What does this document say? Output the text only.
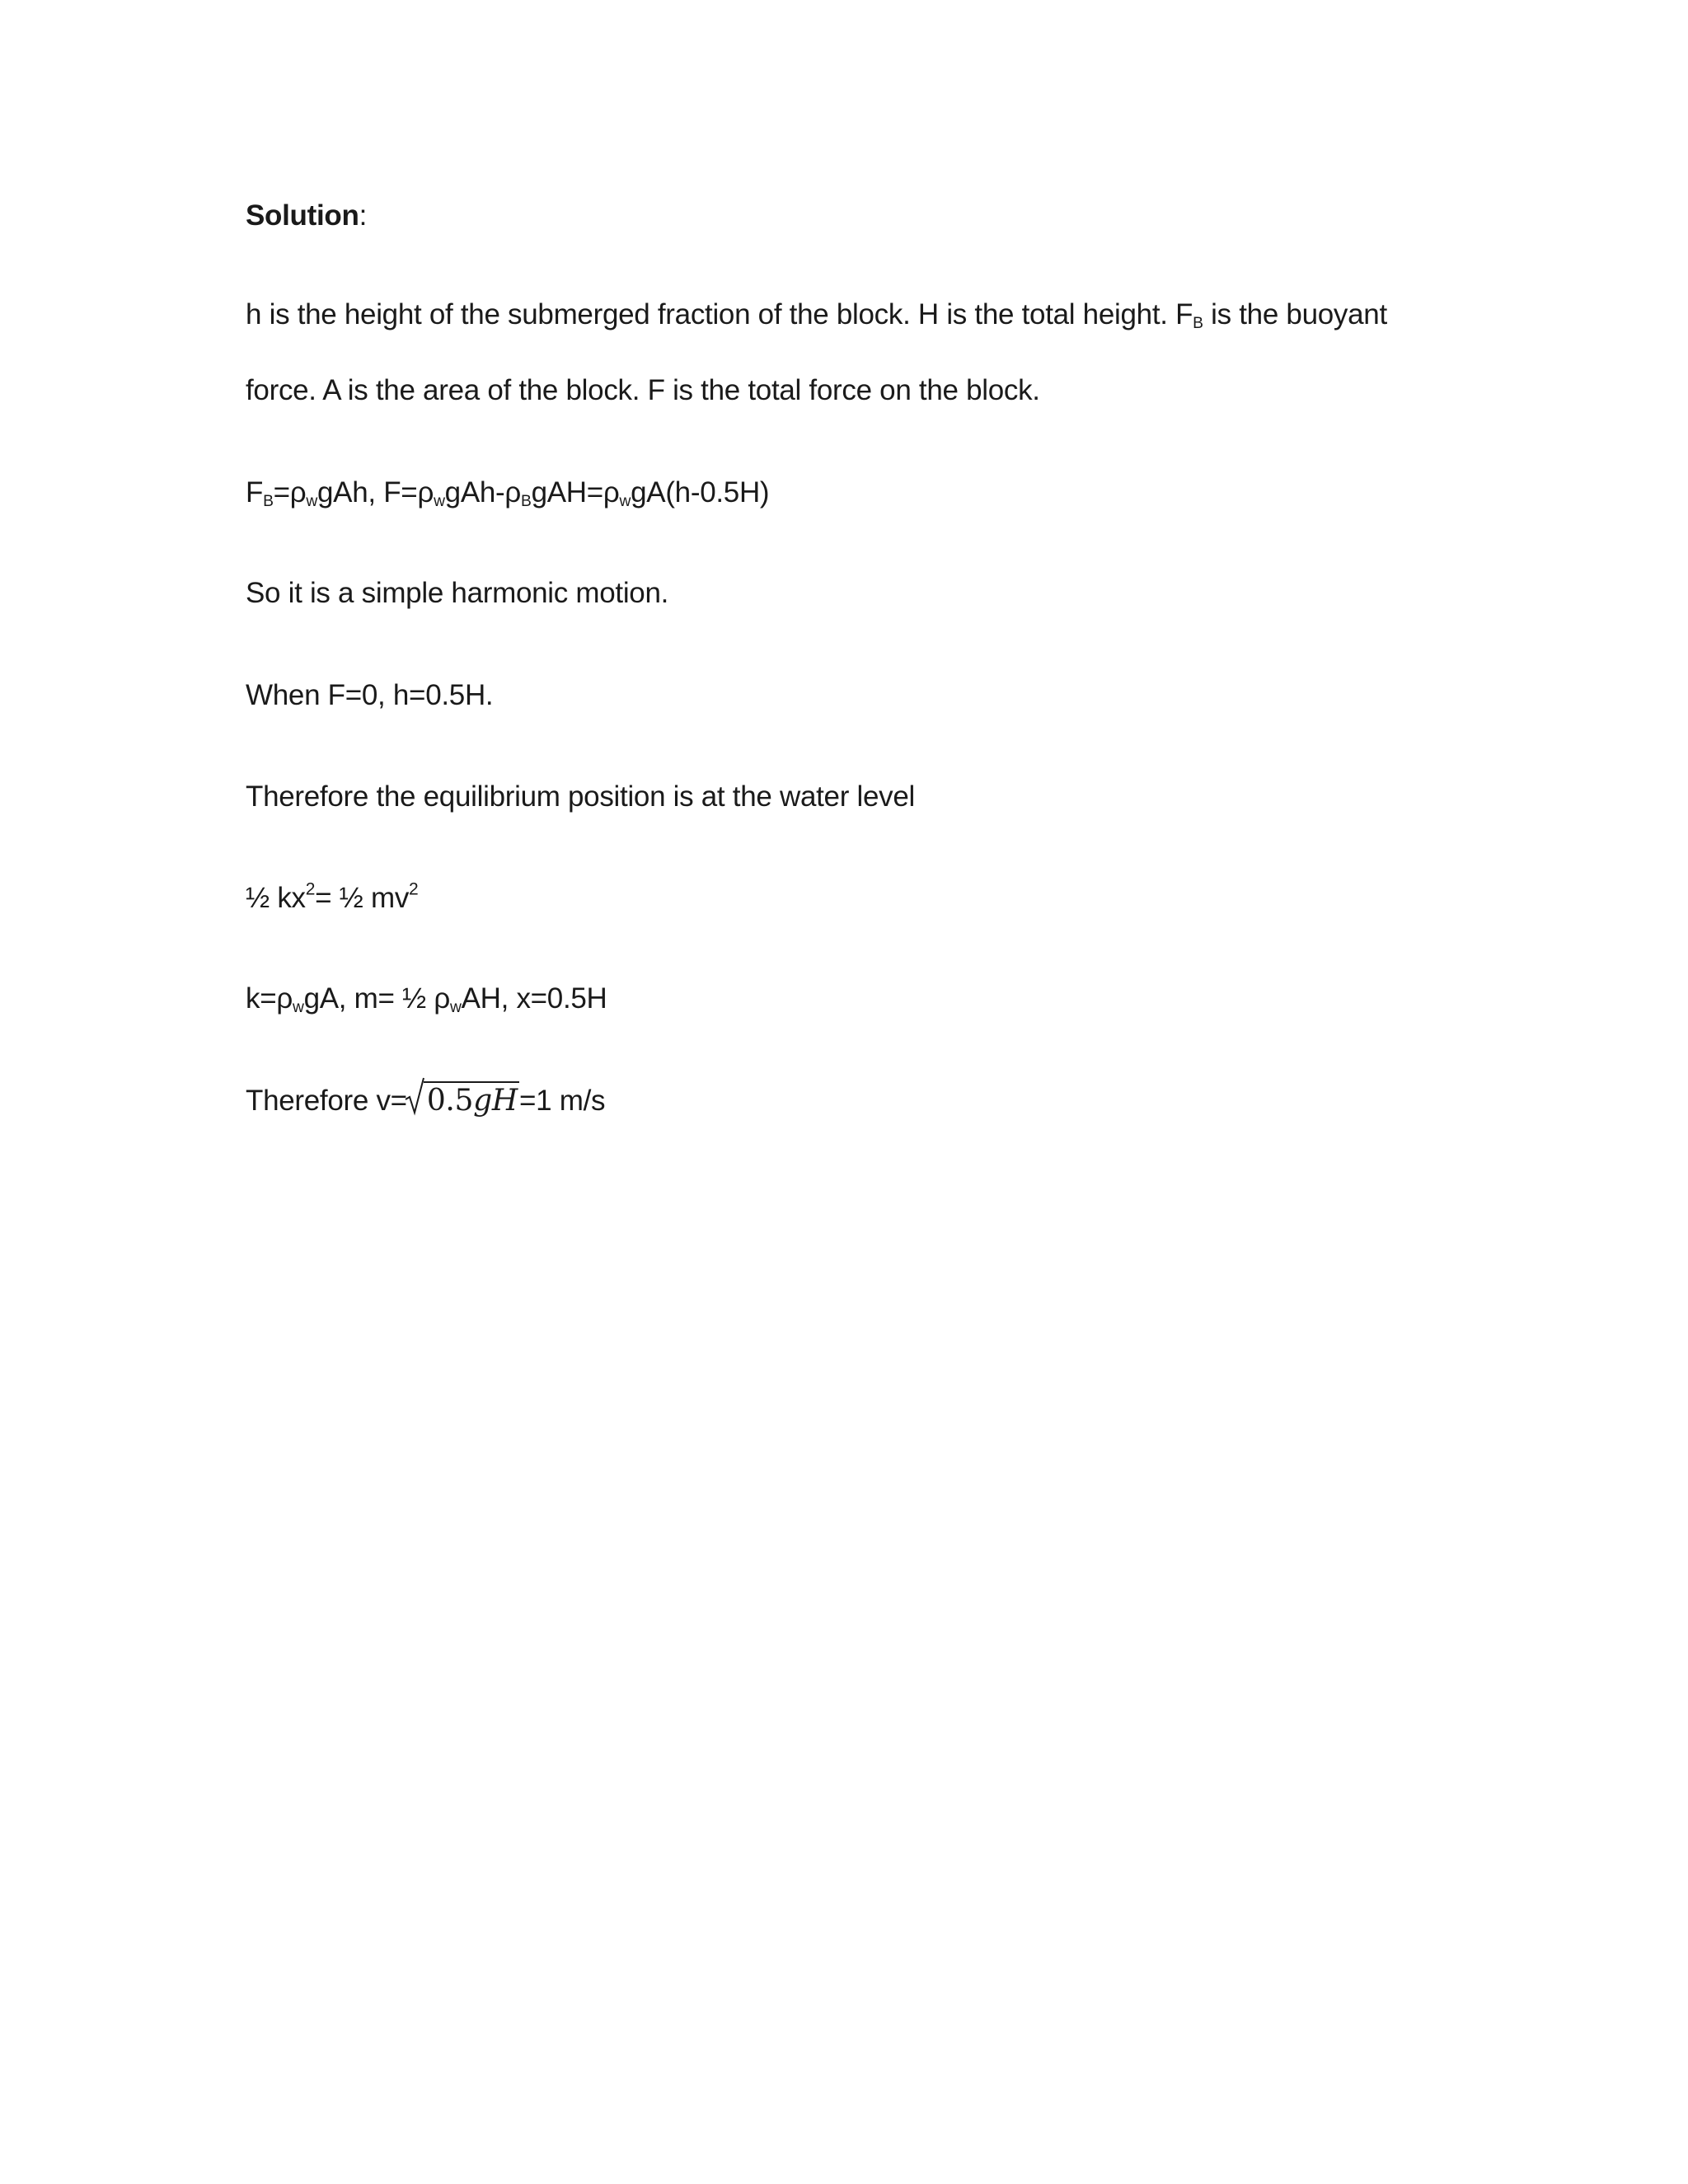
Solution:
h is the height of the submerged fraction of the block. H is the total height. $F_B$ is the buoyant
force. A is the area of the block. F is the total force on the block.
$F_B=\rho_wgAh$, $F=\rho_wgAh-\rho_BgAH=\rho_wgA(h-0.5H)$
So it is a simple harmonic motion.
When F=0, h=0.5H.
Therefore the equilibrium position is at the water level
½ $kx^2=$ ½ $mv^2$
$k=\rho_wgA$, m= ½ $\rho_wAH$, x=0.5H
Therefore v= 0.5gH=1 m/s
